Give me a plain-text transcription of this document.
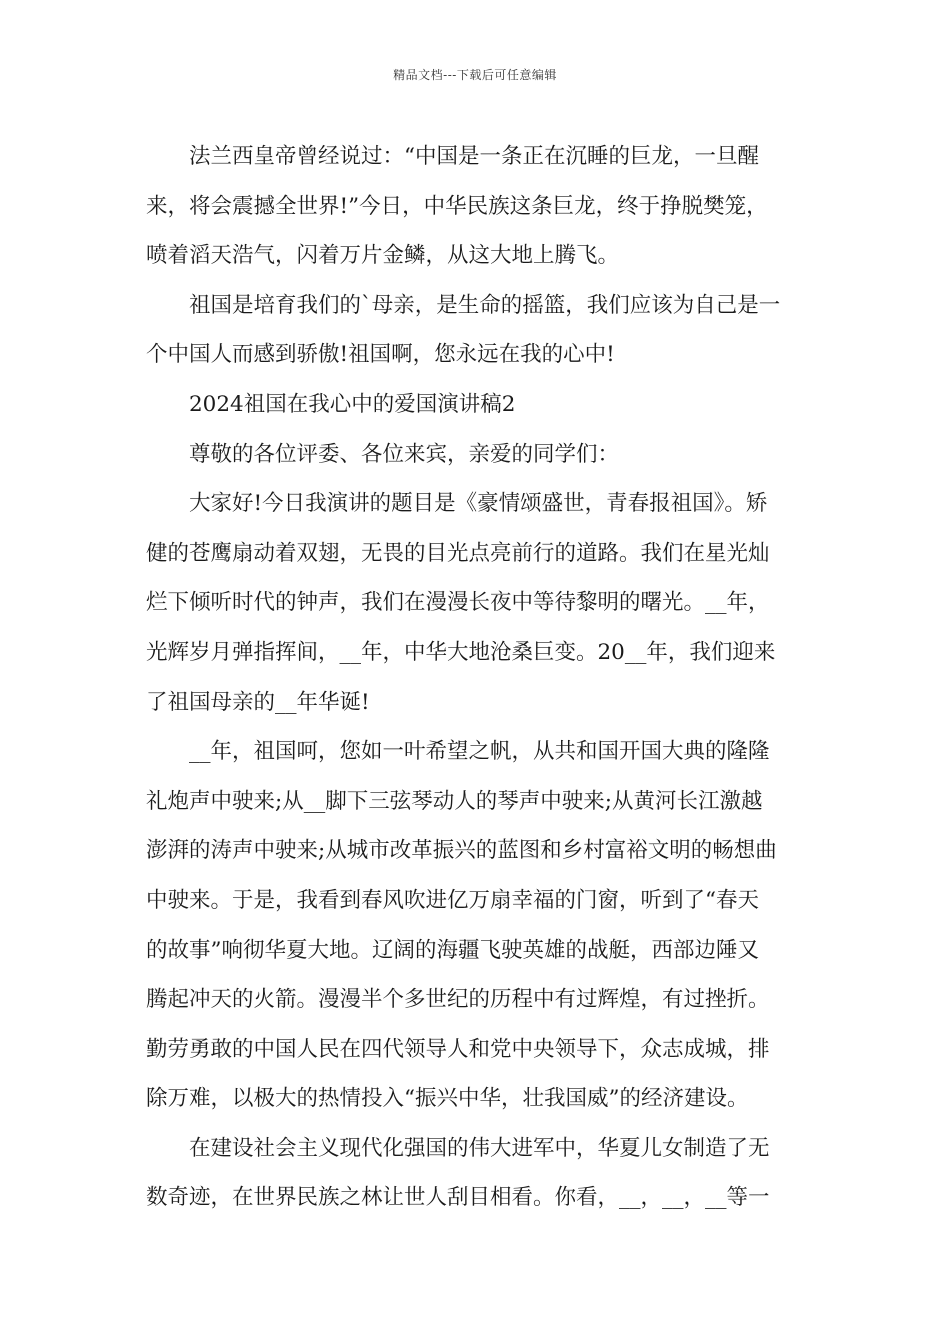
精品文档---下载后可任意编辑
法兰西皇帝曾经说过：“中国是一条正在沉睡的巨龙，一旦醒
来，将会震撼全世界!”今日，中华民族这条巨龙，终于挣脱樊笼，
喷着滔天浩气，闪着万片金鳞，从这大地上腾飞。
祖国是培育我们的`母亲，是生命的摇篮，我们应该为自己是一
个中国人而感到骄傲!祖国啊，您永远在我的心中!
2024祖国在我心中的爱国演讲稿2
尊敬的各位评委、各位来宾，亲爱的同学们：
大家好!今日我演讲的题目是《豪情颂盛世，青春报祖国》。矫
健的苍鹰扇动着双翅，无畏的目光点亮前行的道路。我们在星光灿
烂下倾听时代的钟声，我们在漫漫长夜中等待黎明的曙光。__年，
光辉岁月弹指挥间，__年，中华大地沧桑巨变。20__年，我们迎来
了祖国母亲的__年华诞!
__年，祖国呵，您如一叶希望之帆，从共和国开国大典的隆隆
礼炮声中驶来;从__脚下三弦琴动人的琴声中驶来;从黄河长江激越
澎湃的涛声中驶来;从城市改革振兴的蓝图和乡村富裕文明的畅想曲
中驶来。于是，我看到春风吹进亿万扇幸福的门窗，听到了“春天
的故事”响彻华夏大地。辽阔的海疆飞驶英雄的战艇，西部边陲又
腾起冲天的火箭。漫漫半个多世纪的历程中有过辉煌，有过挫折。
勤劳勇敢的中国人民在四代领导人和党中央领导下，众志成城，排
除万难，以极大的热情投入“振兴中华，壮我国威”的经济建设。
在建设社会主义现代化强国的伟大进军中，华夏儿女制造了无
数奇迹，在世界民族之林让世人刮目相看。你看，__，__，__等一
